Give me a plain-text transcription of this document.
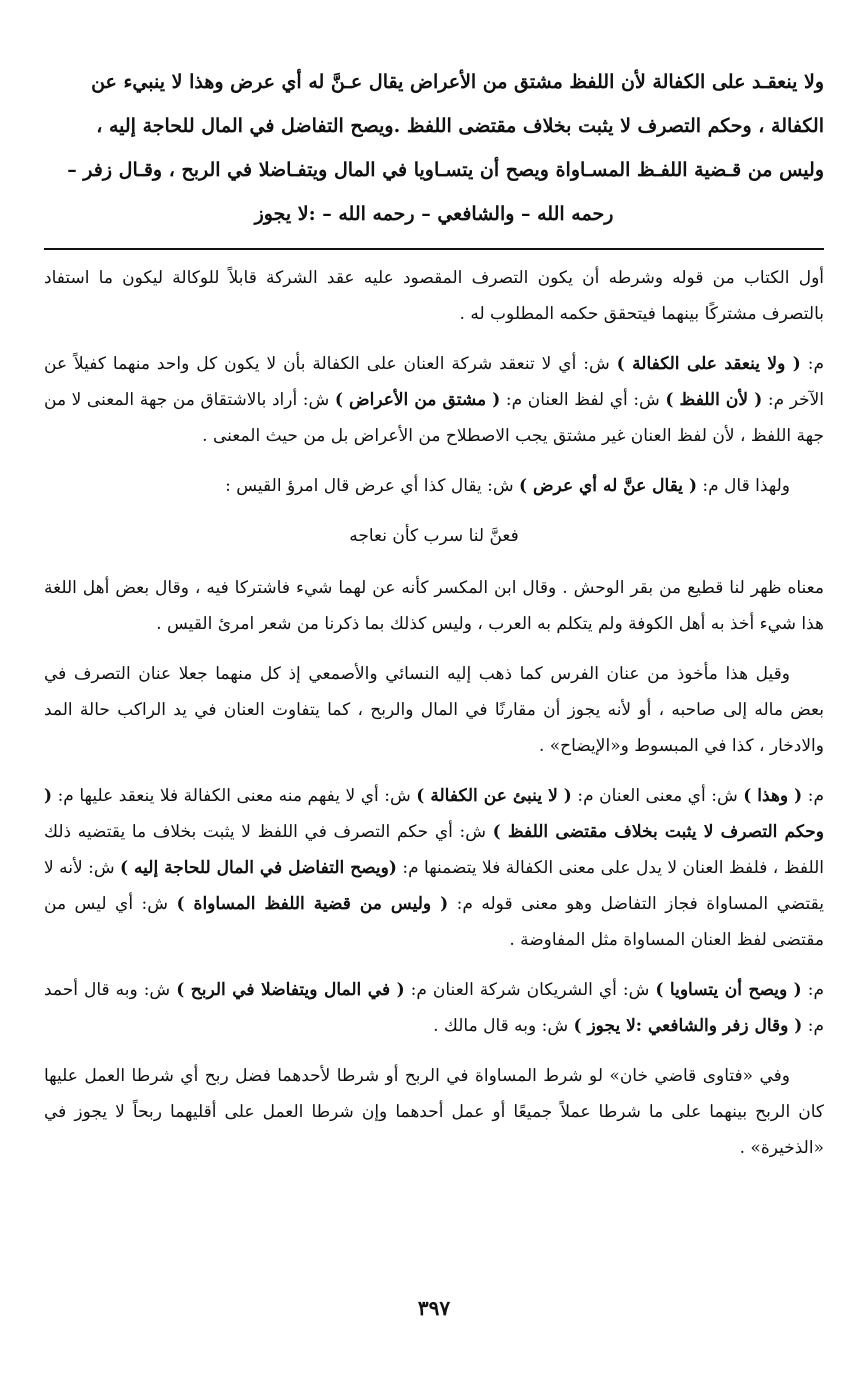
ولا ينعقـد على الكفالة لأن اللفظ مشتق من الأعراض يقال عـنَّ له أي عرض وهذا لا ينبيء عن
الكفالة ، وحكم التصرف لا يثبت بخلاف مقتضى اللفظ .ويصح التفاضل في المال للحاجة إليه ،
وليس من قـضية اللفـظ المسـاواة ويصح أن يتسـاويا في المال ويتفـاضلا في الربح ، وقـال زفر –
رحمه الله – والشافعي – رحمه الله – :لا يجوز

أول الكتاب من قوله وشرطه أن يكون التصرف المقصود عليه عقد الشركة قابلاً للوكالة ليكون ما استفاد بالتصرف مشتركًا بينهما فيتحقق حكمه المطلوب له .

م: ( ولا ينعقد على الكفالة ) ش: أي لا تنعقد شركة العنان على الكفالة بأن لا يكون كل واحد منهما كفيلاً عن الآخر م: ( لأن اللفظ ) ش: أي لفظ العنان م: ( مشتق من الأعراض ) ش: أراد بالاشتقاق من جهة المعنى لا من جهة اللفظ ، لأن لفظ العنان غير مشتق يجب الاصطلاح من الأعراض بل من حيث المعنى .

ولهذا قال م: ( يقال عنَّ له أي عرض ) ش: يقال كذا أي عرض قال امرؤ القيس :

فعنَّ لنا سرب كأن نعاجه

معناه ظهر لنا قطيع من بقر الوحش . وقال ابن المكسر كأنه عن لهما شيء فاشتركا فيه ، وقال بعض أهل اللغة هذا شيء أخذ به أهل الكوفة ولم يتكلم به العرب ، وليس كذلك بما ذكرنا من شعر امرئ القيس .

وقيل هذا مأخوذ من عنان الفرس كما ذهب إليه النسائي والأصمعي إذ كل منهما جعلا عنان التصرف في بعض ماله إلى صاحبه ، أو لأنه يجوز أن مقارنًا في المال والربح ، كما يتفاوت العنان في يد الراكب حالة المد والادخار ، كذا في المبسوط و«الإيضاح» .

م: ( وهذا ) ش: أي معنى العنان م: ( لا ينبئ عن الكفالة ) ش: أي لا يفهم منه معنى الكفالة فلا ينعقد عليها م: ( وحكم التصرف لا يثبت بخلاف مقتضى اللفظ ) ش: أي حكم التصرف في اللفظ لا يثبت بخلاف ما يقتضيه ذلك اللفظ ، فلفظ العنان لا يدل على معنى الكفالة فلا يتضمنها م: (ويصح التفاضل في المال للحاجة إليه ) ش: لأنه لا يقتضي المساواة فجاز التفاضل وهو معنى قوله م: ( وليس من قضية اللفظ المساواة ) ش: أي ليس من مقتضى لفظ العنان المساواة مثل المفاوضة .

م: ( ويصح أن يتساويا ) ش: أي الشريكان شركة العنان م: ( في المال ويتفاضلا في الربح ) ش: وبه قال أحمد م: ( وقال زفر والشافعي :لا يجوز ) ش: وبه قال مالك .

وفي «فتاوى قاضي خان» لو شرط المساواة في الربح أو شرطا لأحدهما فضل ربح أي شرطا العمل عليها كان الربح بينهما على ما شرطا عملاً جميعًا أو عمل أحدهما وإن شرطا العمل على أقليهما ربحاً لا يجوز في «الذخيرة» .

٣٩٧
